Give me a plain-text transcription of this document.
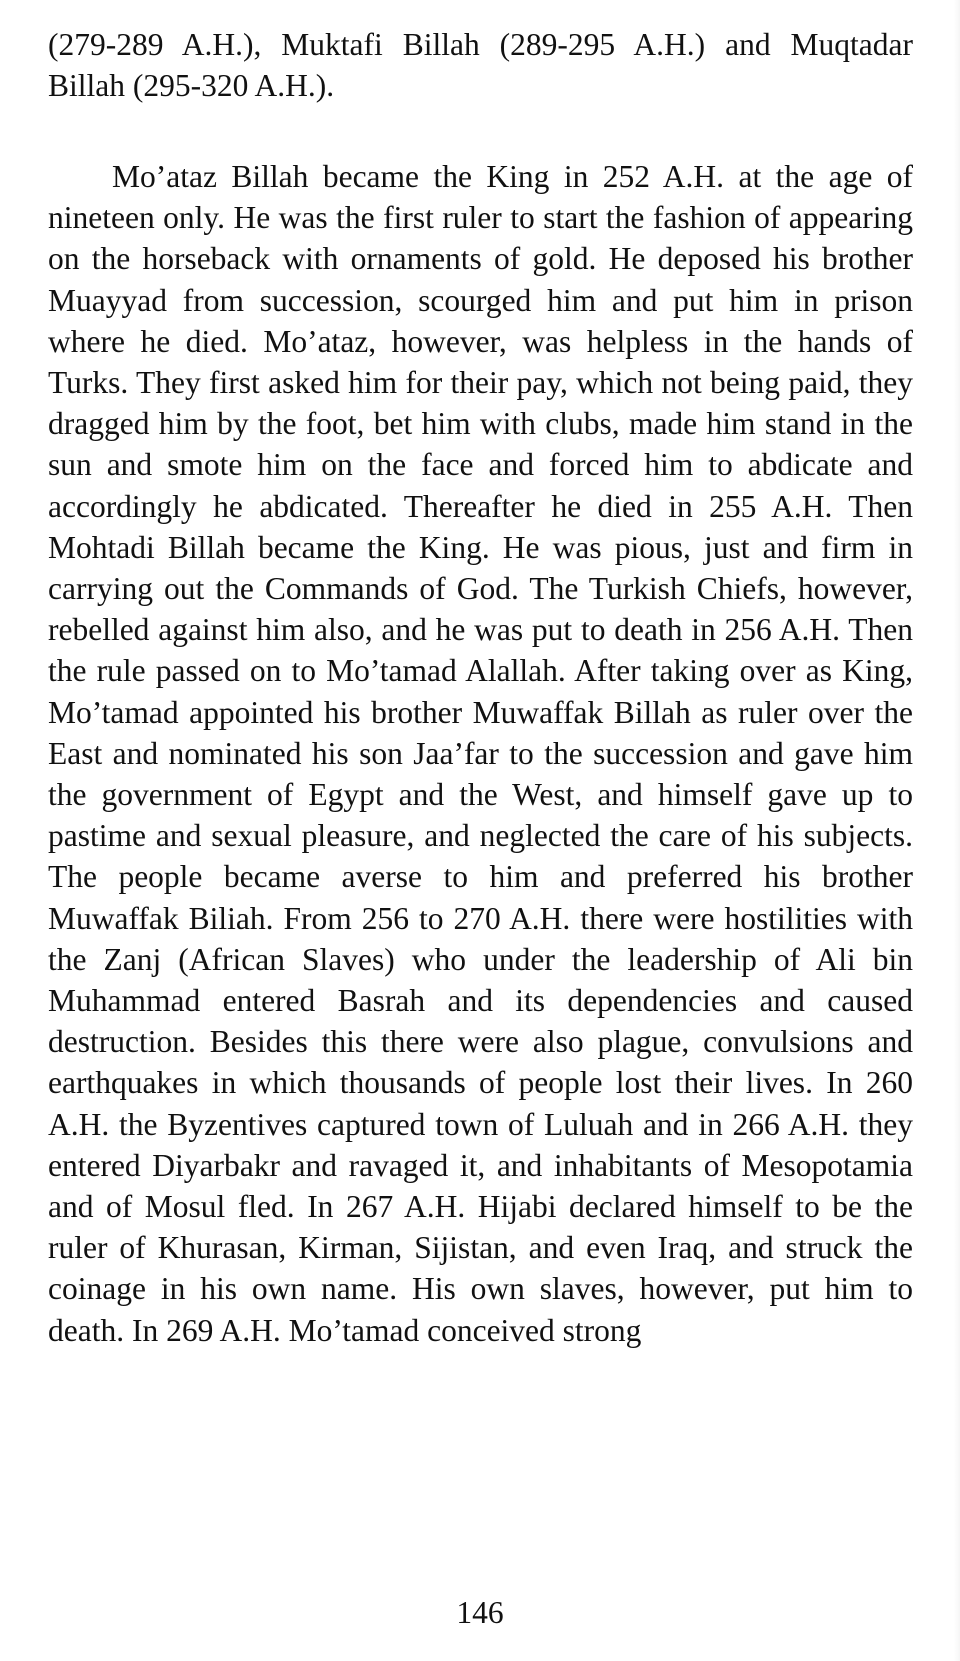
(279-289 A.H.), Muktafi Billah (289-295 A.H.) and Muqtadar Billah (295-320 A.H.).

Mo’ataz Billah became the King in 252 A.H. at the age of nineteen only. He was the first ruler to start the fashion of appearing on the horseback with ornaments of gold. He deposed his brother Muayyad from succession, scourged him and put him in prison where he died. Mo’ataz, however, was helpless in the hands of Turks. They first asked him for their pay, which not being paid, they dragged him by the foot, bet him with clubs, made him stand in the sun and smote him on the face and forced him to abdicate and accordingly he abdicated. Thereafter he died in 255 A.H. Then Mohtadi Billah became the King. He was pious, just and firm in carrying out the Commands of God. The Turkish Chiefs, however, rebelled against him also, and he was put to death in 256 A.H. Then the rule passed on to Mo’tamad Alallah. After taking over as King, Mo’tamad appointed his brother Muwaffak Billah as ruler over the East and nominated his son Jaa’far to the succession and gave him the government of Egypt and the West, and himself gave up to pastime and sexual pleasure, and neglected the care of his subjects. The people became averse to him and preferred his brother Muwaffak Biliah. From 256 to 270 A.H. there were hostilities with the Zanj (African Slaves) who under the leadership of Ali bin Muhammad entered Basrah and its dependencies and caused destruction. Besides this there were also plague, convulsions and earthquakes in which thousands of people lost their lives. In 260 A.H. the Byzentives captured town of Luluah and in 266 A.H. they entered Diyarbakr and ravaged it, and inhabitants of Mesopotamia and of Mosul fled. In 267 A.H. Hijabi declared himself to be the ruler of Khurasan, Kirman, Sijistan, and even Iraq, and struck the coinage in his own name. His own slaves, however, put him to death. In 269 A.H. Mo’tamad conceived strong

146
